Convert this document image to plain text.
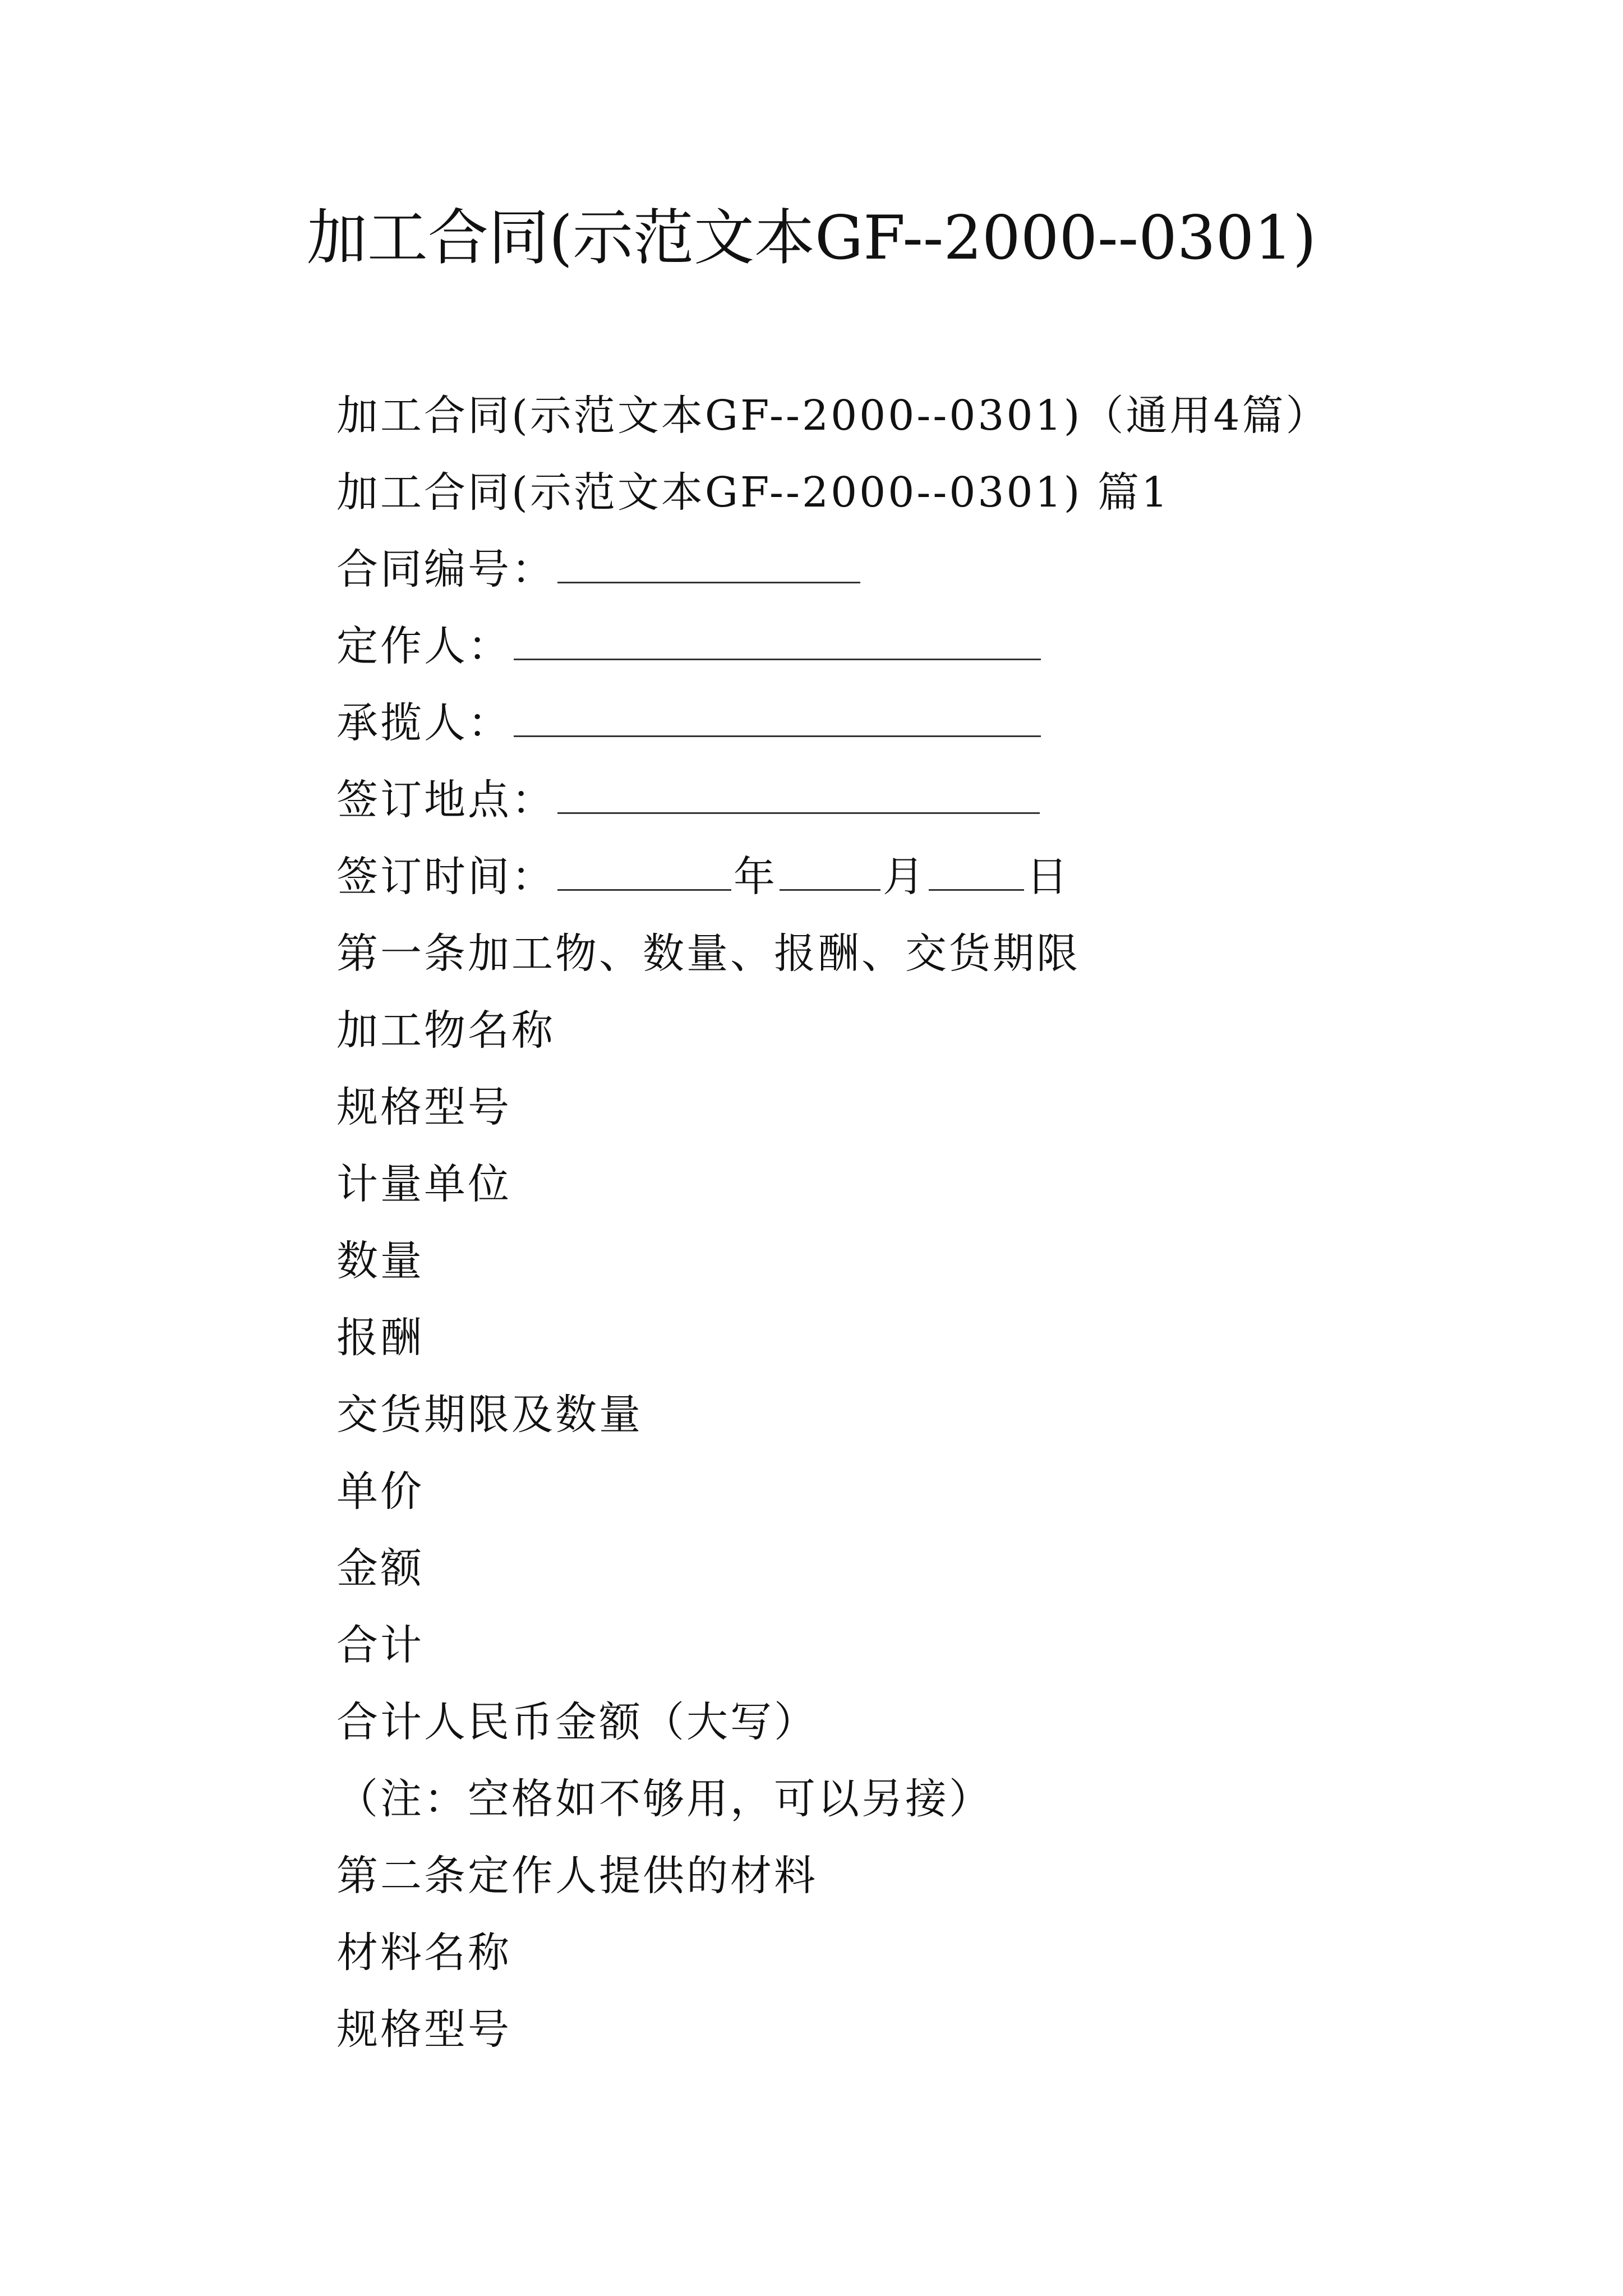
加工合同(示范文本GF--2000--0301)
加工合同(示范文本GF--2000--0301)（通用4篇）
加工合同(示范文本GF--2000--0301) 篇1
合同编号：
定作人：
承揽人：
签订地点：
签订时间：	年	月 日
第一条加工物、数量、报酬、交货期限
加工物名称
规格型号
计量单位
数量
报酬
交货期限及数量
单价
金额
合计
合计人民币金额（大写）
（注：空格如不够用，可以另接）
第二条定作人提供的材料
材料名称
规格型号
